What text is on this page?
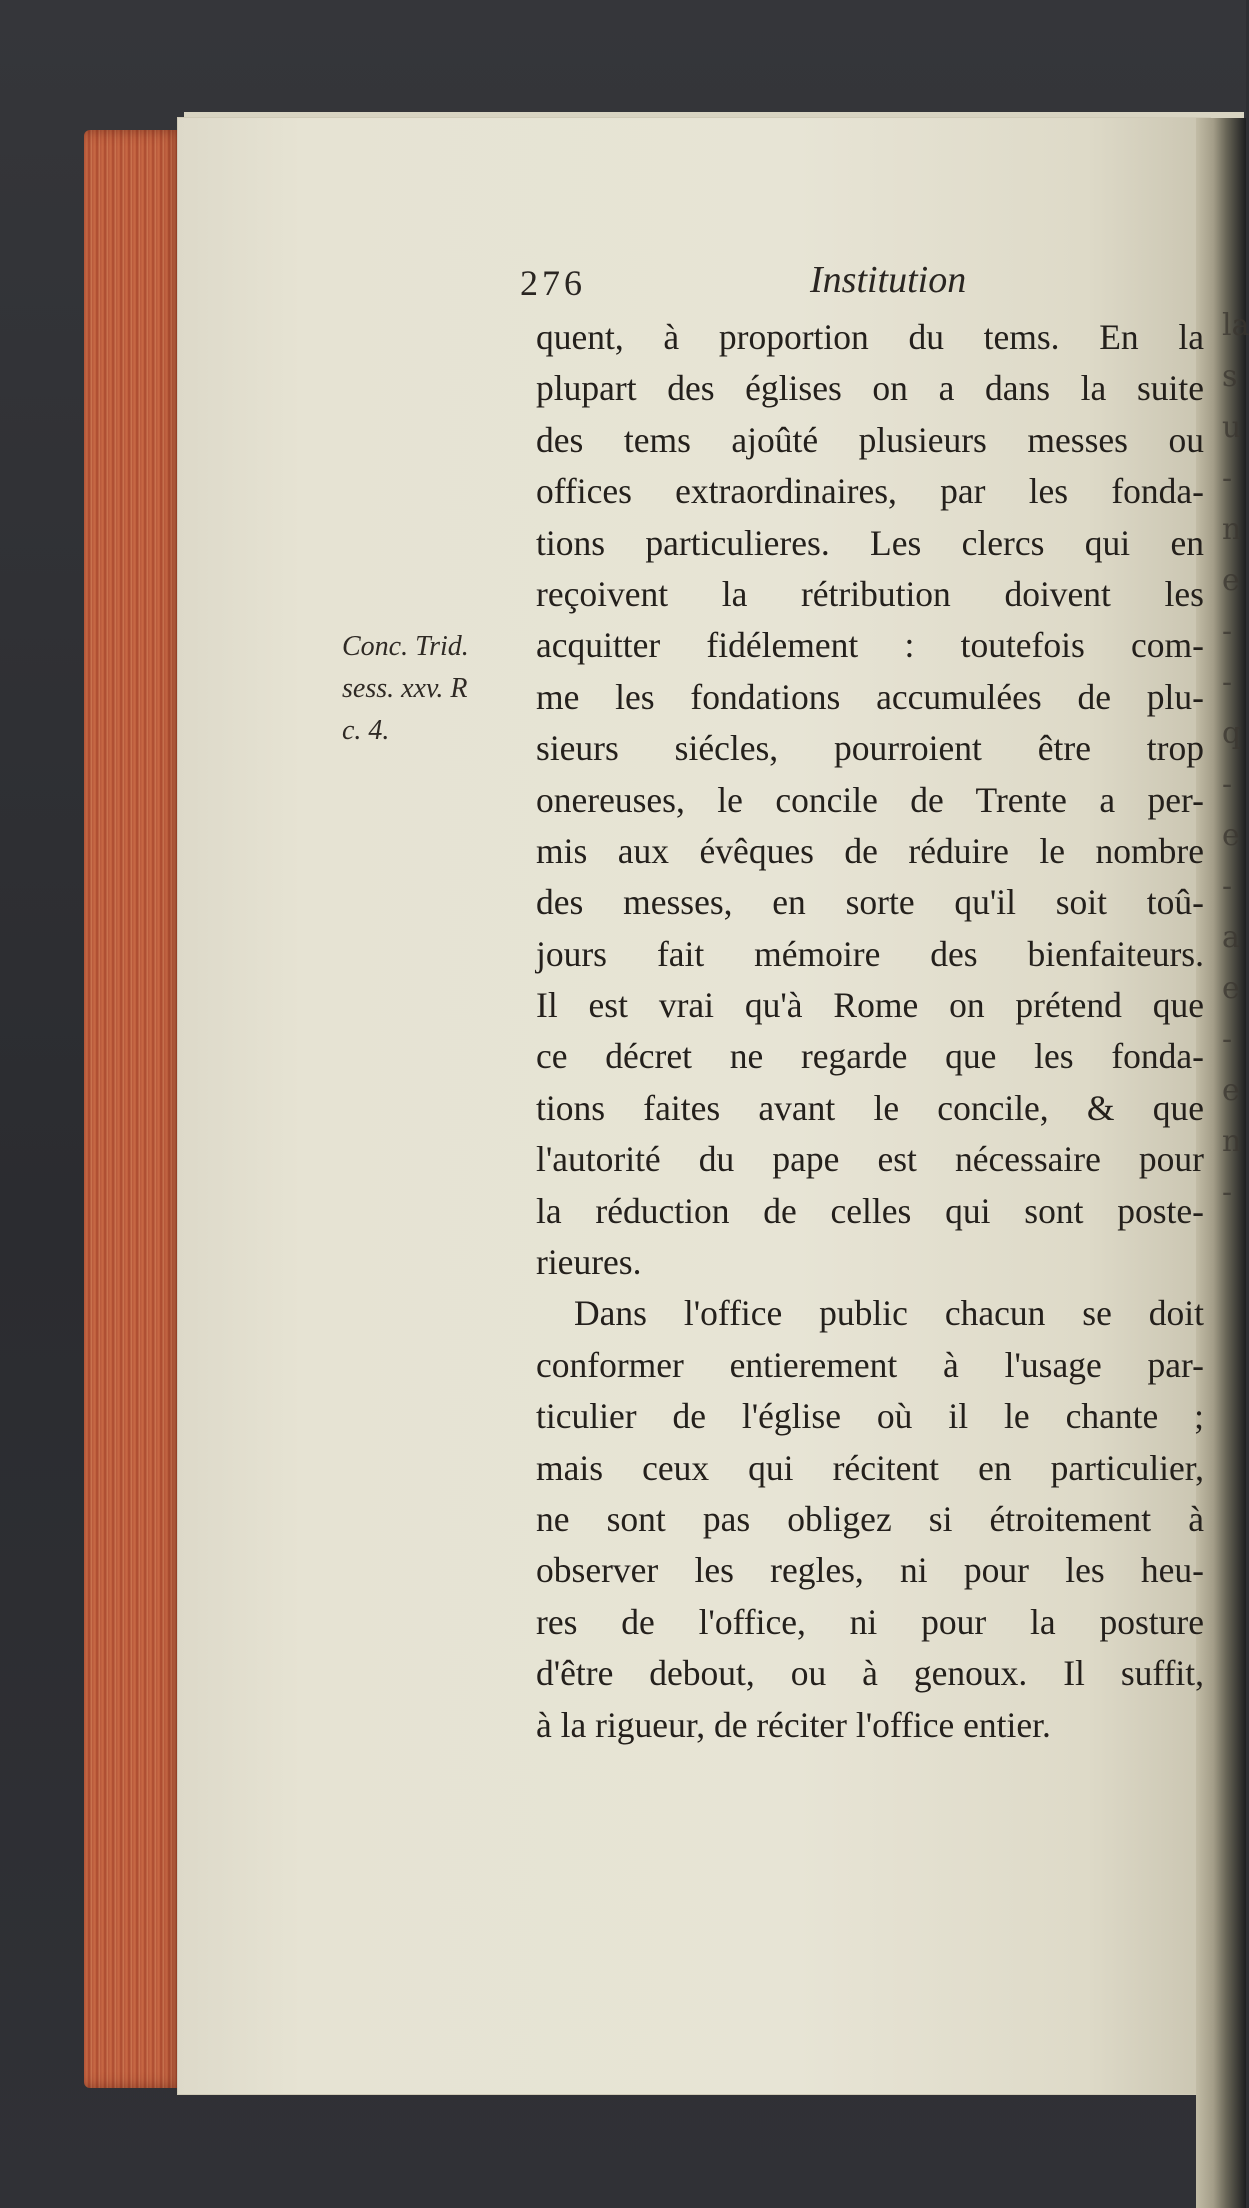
la
s
u
-
n
e
-
-
q
-
e
-
a
e
-
e
n
-
276	Institution
Conc. Trid.
sess. xxv. R
c. 4.
quent, à proportion du tems. En la
plupart des églises on a dans la suite
des tems ajoûté plusieurs messes ou
offices extraordinaires, par les fonda-
tions particulieres. Les clercs qui en
reçoivent la rétribution doivent les
acquitter fidélement : toutefois com-
me les fondations accumulées de plu-
sieurs siécles, pourroient être trop
onereuses, le concile de Trente a per-
mis aux évêques de réduire le nombre
des messes, en sorte qu'il soit toû-
jours fait mémoire des bienfaiteurs.
Il est vrai qu'à Rome on prétend que
ce décret ne regarde que les fonda-
tions faites avant le concile, & que
l'autorité du pape est nécessaire pour
la réduction de celles qui sont poste-
rieures.
Dans l'office public chacun se doit
conformer entierement à l'usage par-
ticulier de l'église où il le chante ;
mais ceux qui récitent en particulier,
ne sont pas obligez si étroitement à
observer les regles, ni pour les heu-
res de l'office, ni pour la posture
d'être debout, ou à genoux. Il suffit,
à la rigueur, de réciter l'office entier.
